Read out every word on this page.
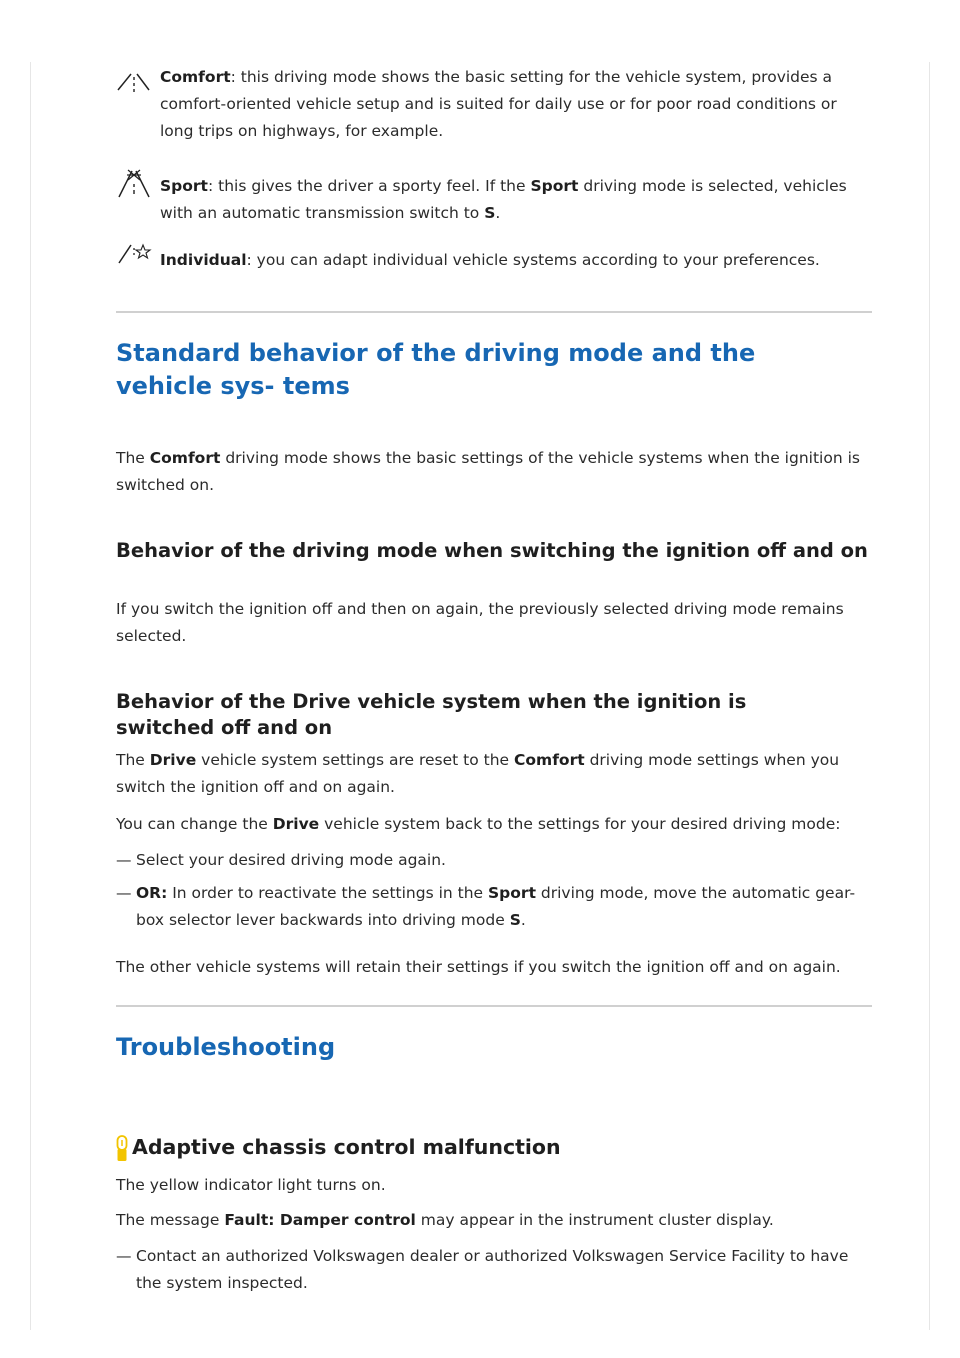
Comfort: this driving mode shows the basic setting for the vehicle system, provides a comfort-oriented vehicle setup and is suited for daily use or for poor road conditions or long trips on highways, for example.

Sport: this gives the driver a sporty feel. If the Sport driving mode is selected, vehicles with an automatic transmission switch to S.

Individual: you can adapt individual vehicle systems according to your preferences.

Standard behavior of the driving mode and the vehicle sys- tems

The Comfort driving mode shows the basic settings of the vehicle systems when the ignition is switched on.

Behavior of the driving mode when switching the ignition off and on

If you switch the ignition off and then on again, the previously selected driving mode remains selected.

Behavior of the Drive vehicle system when the ignition is switched off and on

The Drive vehicle system settings are reset to the Comfort driving mode settings when you switch the ignition off and on again.

You can change the Drive vehicle system back to the settings for your desired driving mode:

— Select your desired driving mode again.

— OR: In order to reactivate the settings in the Sport driving mode, move the automatic gear- box selector lever backwards into driving mode S.

The other vehicle systems will retain their settings if you switch the ignition off and on again.

Troubleshooting
Adaptive chassis control malfunction

The yellow indicator light turns on.

The message Fault: Damper control may appear in the instrument cluster display.

— Contact an authorized Volkswagen dealer or authorized Volkswagen Service Facility to have the system inspected.
